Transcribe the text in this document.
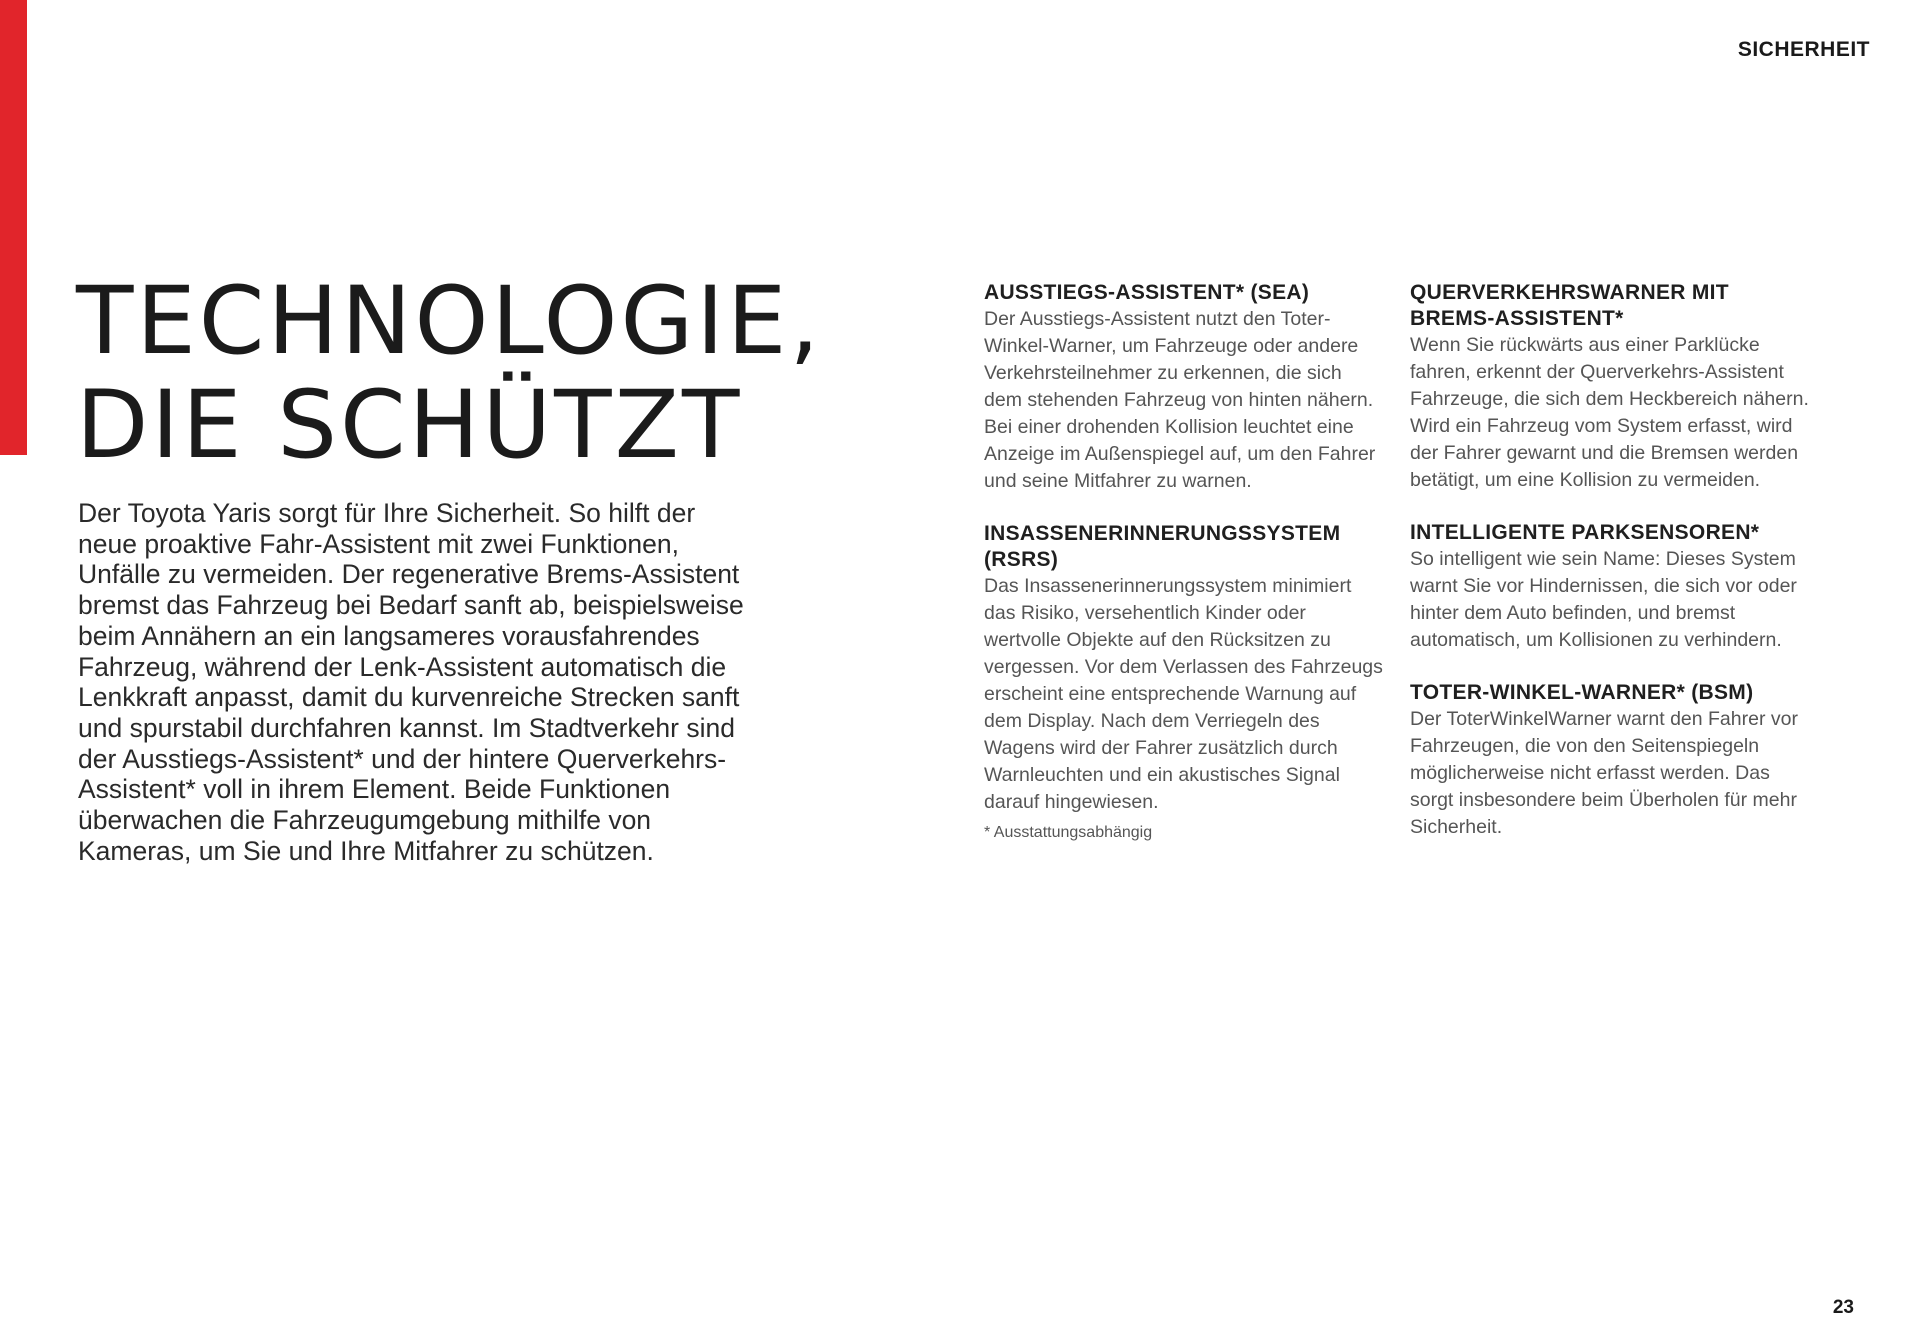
SICHERHEIT
TECHNOLOGIE,
DIE SCHÜTZT

Der Toyota Yaris sorgt für Ihre Sicherheit. So hilft der neue proaktive Fahr-Assistent mit zwei Funktionen, Unfälle zu vermeiden. Der regenerative Brems-Assistent bremst das Fahrzeug bei Bedarf sanft ab, beispielsweise beim Annähern an ein langsameres vorausfahrendes Fahrzeug, während der Lenk-Assistent automatisch die Lenkkraft anpasst, damit du kurvenreiche Strecken sanft und spurstabil durchfahren kannst. Im Stadtverkehr sind der Ausstiegs-Assistent* und der hintere Querverkehrs-Assistent* voll in ihrem Element. Beide Funktionen überwachen die Fahrzeugumgebung mithilfe von Kameras, um Sie und Ihre Mitfahrer zu schützen.

AUSSTIEGS-ASSISTENT* (SEA)

Der Ausstiegs-Assistent nutzt den Toter-Winkel-Warner, um Fahrzeuge oder andere Verkehrsteilnehmer zu erkennen, die sich dem stehenden Fahrzeug von hinten nähern. Bei einer drohenden Kollision leuchtet eine Anzeige im Außenspiegel auf, um den Fahrer und seine Mitfahrer zu warnen.

INSASSENERINNERUNGSSYSTEM (RSRS)

Das Insassenerinnerungssystem minimiert das Risiko, versehentlich Kinder oder wertvolle Objekte auf den Rücksitzen zu vergessen. Vor dem Verlassen des Fahrzeugs erscheint eine entsprechende Warnung auf dem Display. Nach dem Verriegeln des Wagens wird der Fahrer zusätzlich durch Warnleuchten und ein akustisches Signal darauf hingewiesen.

* Ausstattungsabhängig
QUERVERKEHRSWARNER MIT BREMS-ASSISTENT*

Wenn Sie rückwärts aus einer Parklücke fahren, erkennt der Querverkehrs-Assistent Fahrzeuge, die sich dem Heckbereich nähern. Wird ein Fahrzeug vom System erfasst, wird der Fahrer gewarnt und die Bremsen werden betätigt, um eine Kollision zu vermeiden.

INTELLIGENTE PARKSENSOREN*

So intelligent wie sein Name: Dieses System warnt Sie vor Hindernissen, die sich vor oder hinter dem Auto befinden, und bremst automatisch, um Kollisionen zu verhindern.

TOTER-WINKEL-WARNER* (BSM)

Der ToterWinkelWarner warnt den Fahrer vor Fahrzeugen, die von den Seitenspiegeln möglicherweise nicht erfasst werden. Das sorgt insbesondere beim Überholen für mehr Sicherheit.

23
